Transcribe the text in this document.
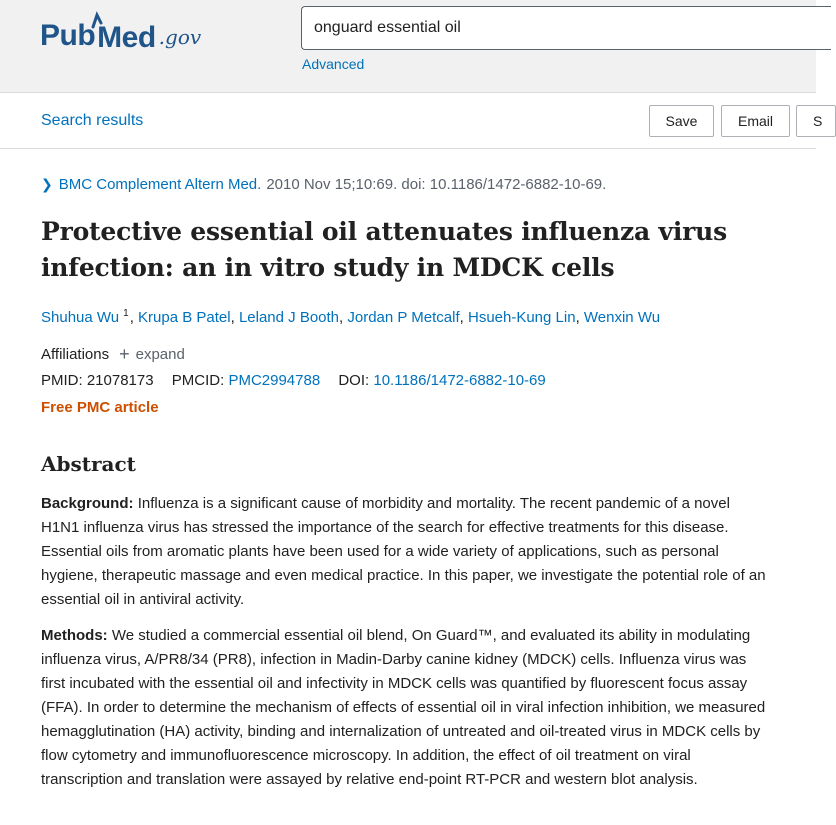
Pub Med .gov	onguard essential oil
Advanced
Search results	Save	Email	S
❯ BMC Complement Altern Med. 2010 Nov 15;10:69. doi: 10.1186/1472-6882-10-69.
Protective essential oil attenuates influenza virus infection: an in vitro study in MDCK cells
Shuhua Wu $^1$, Krupa B Patel, Leland J Booth, Jordan P Metcalf, Hsueh-Kung Lin, Wenxin Wu
Affiliations + expand
PMID: 21078173 PMCID: PMC2994788 DOI: 10.1186/1472-6882-10-69
Free PMC article
Abstract

Background: Influenza is a significant cause of morbidity and mortality. The recent pandemic of a novel H1N1 influenza virus has stressed the importance of the search for effective treatments for this disease. Essential oils from aromatic plants have been used for a wide variety of applications, such as personal hygiene, therapeutic massage and even medical practice. In this paper, we investigate the potential role of an essential oil in antiviral activity.

Methods: We studied a commercial essential oil blend, On Guard™, and evaluated its ability in modulating influenza virus, A/PR8/34 (PR8), infection in Madin-Darby canine kidney (MDCK) cells. Influenza virus was first incubated with the essential oil and infectivity in MDCK cells was quantified by fluorescent focus assay (FFA). In order to determine the mechanism of effects of essential oil in viral infection inhibition, we measured hemagglutination (HA) activity, binding and internalization of untreated and oil-treated virus in MDCK cells by flow cytometry and immunofluorescence microscopy. In addition, the effect of oil treatment on viral transcription and translation were assayed by relative end-point RT-PCR and western blot analysis.
